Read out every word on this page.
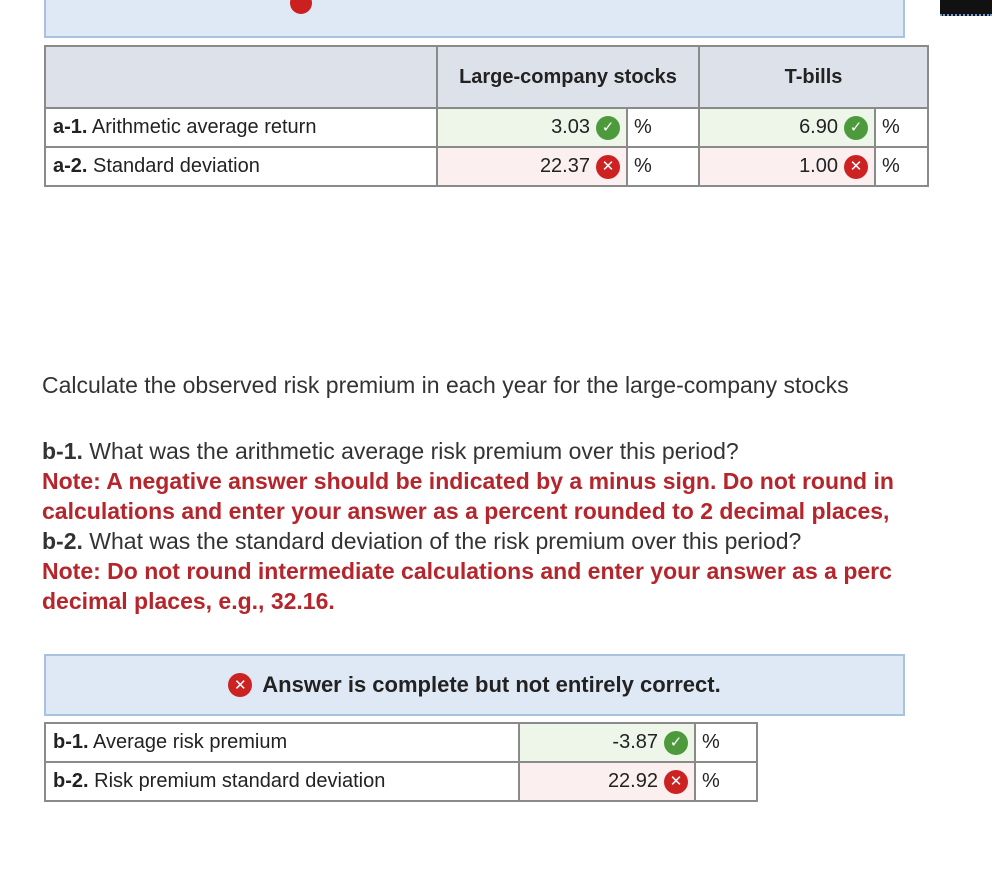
	Large-company stocks		T-bills	
a-1. Arithmetic average return	3.03 ✓	%	6.90 ✓	%
a-2. Standard deviation	22.37 ✕	%	1.00 ✕	%
Calculate the observed risk premium in each year for the large-company stocks
b-1. What was the arithmetic average risk premium over this period?
Note: A negative answer should be indicated by a minus sign. Do not round in
calculations and enter your answer as a percent rounded to 2 decimal places,
b-2. What was the standard deviation of the risk premium over this period?
Note: Do not round intermediate calculations and enter your answer as a perc
decimal places, e.g., 32.16.
✕ Answer is complete but not entirely correct.
b-1. Average risk premium	-3.87 ✓	%
b-2. Risk premium standard deviation	22.92 ✕	%
